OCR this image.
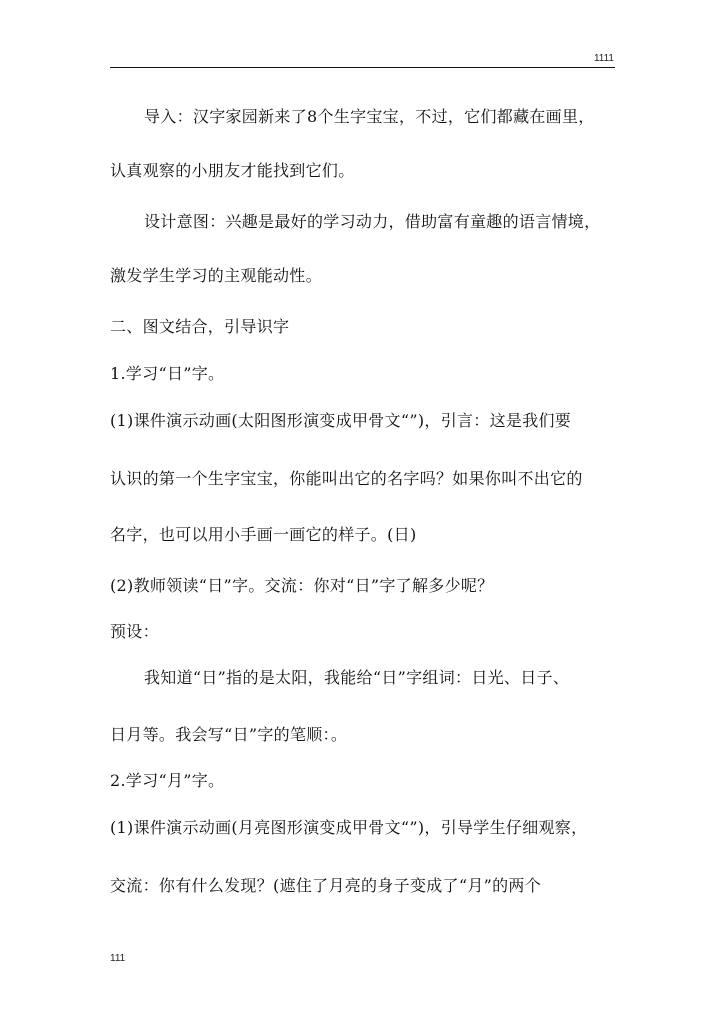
1111
导入：汉字家园新来了8个生字宝宝，不过，它们都藏在画里，
认真观察的小朋友才能找到它们。
设计意图：兴趣是最好的学习动力，借助富有童趣的语言情境，
激发学生学习的主观能动性。
二、图文结合，引导识字
1.学习“日”字。
(1)课件演示动画(太阳图形演变成甲骨文“”)，引言：这是我们要
认识的第一个生字宝宝，你能叫出它的名字吗？如果你叫不出它的
名字，也可以用小手画一画它的样子。(日)
(2)教师领读“日”字。交流：你对“日”字了解多少呢？
预设：
我知道“日”指的是太阳，我能给“日”字组词：日光、日子、
日月等。我会写“日”字的笔顺：。
2.学习“月”字。
(1)课件演示动画(月亮图形演变成甲骨文“”)，引导学生仔细观察，
交流：你有什么发现？(遮住了月亮的身子变成了“月”的两个
111
